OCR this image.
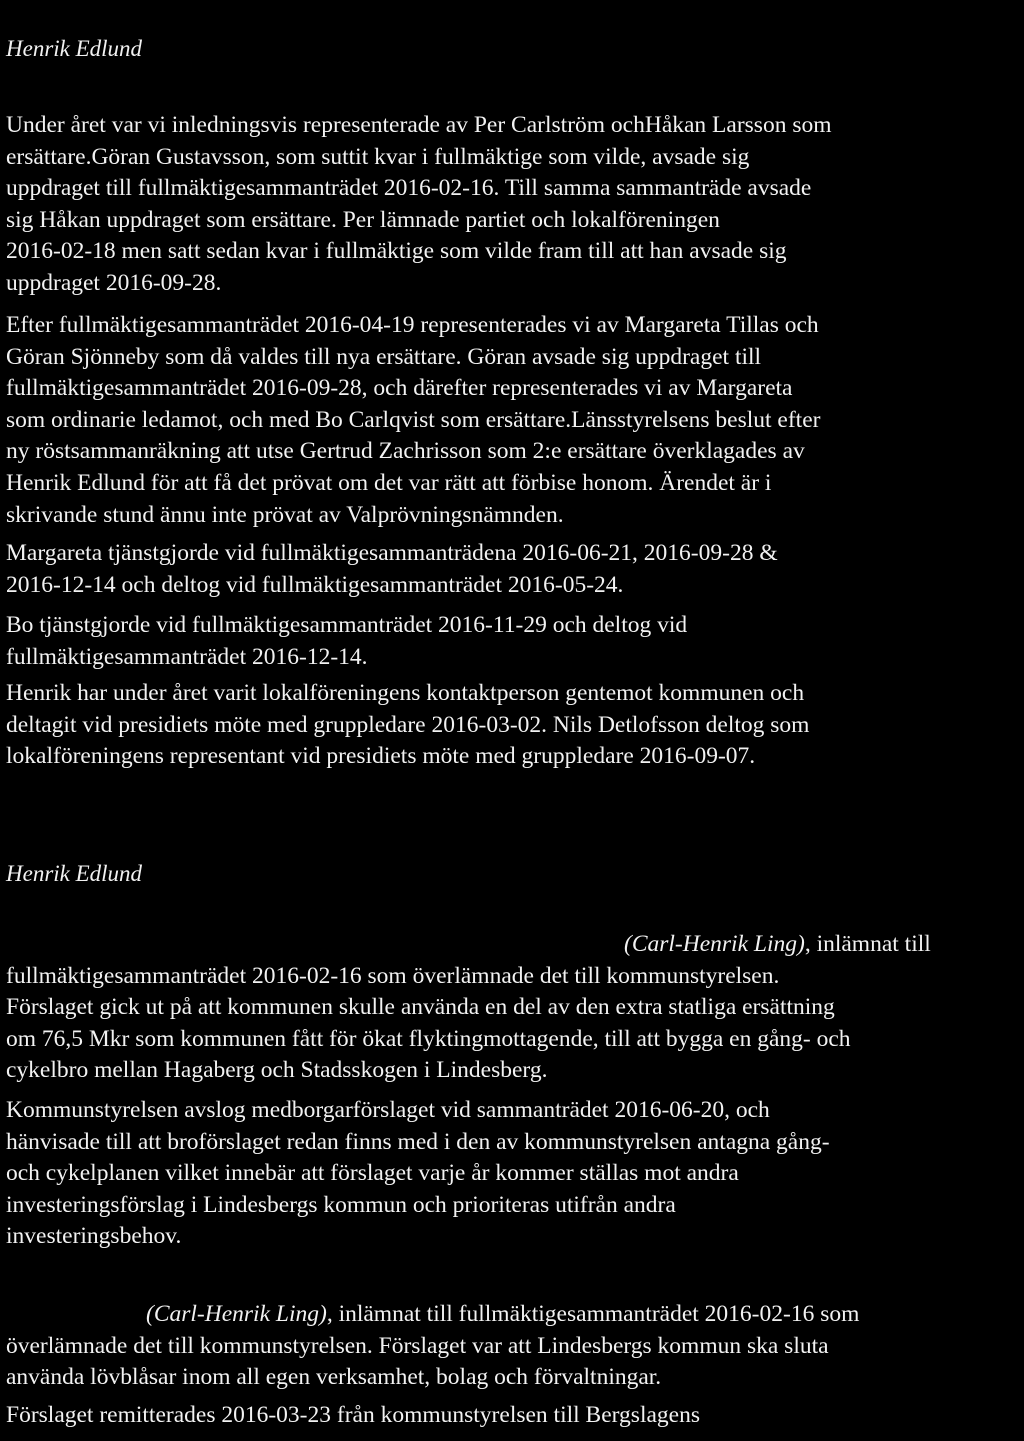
Henrik Edlund

Under året var vi inledningsvis representerade av Per Carlström ochHåkan Larsson som
ersättare.Göran Gustavsson, som suttit kvar i fullmäktige som vilde, avsade sig
uppdraget till fullmäktigesammanträdet 2016-02-16. Till samma sammanträde avsade
sig Håkan uppdraget som ersättare. Per lämnade partiet och lokalföreningen
2016-02-18 men satt sedan kvar i fullmäktige som vilde fram till att han avsade sig
uppdraget 2016-09-28.

Efter fullmäktigesammanträdet 2016-04-19 representerades vi av Margareta Tillas och
Göran Sjönneby som då valdes till nya ersättare. Göran avsade sig uppdraget till
fullmäktigesammanträdet 2016-09-28, och därefter representerades vi av Margareta
som ordinarie ledamot, och med Bo Carlqvist som ersättare.Länsstyrelsens beslut efter
ny röstsammanräkning att utse Gertrud Zachrisson som 2:e ersättare överklagades av
Henrik Edlund för att få det prövat om det var rätt att förbise honom. Ärendet är i
skrivande stund ännu inte prövat av Valprövningsnämnden.

Margareta tjänstgjorde vid fullmäktigesammanträdena 2016-06-21, 2016-09-28 &
2016-12-14 och deltog vid fullmäktigesammanträdet 2016-05-24.

Bo tjänstgjorde vid fullmäktigesammanträdet 2016-11-29 och deltog vid
fullmäktigesammanträdet 2016-12-14.

Henrik har under året varit lokalföreningens kontaktperson gentemot kommunen och
deltagit vid presidiets möte med gruppledare 2016-03-02. Nils Detlofsson deltog som
lokalföreningens representant vid presidiets möte med gruppledare 2016-09-07.

Henrik Edlund

(Carl-Henrik Ling), inlämnat till
fullmäktigesammanträdet 2016-02-16 som överlämnade det till kommunstyrelsen.
Förslaget gick ut på att kommunen skulle använda en del av den extra statliga ersättning
om 76,5 Mkr som kommunen fått för ökat flyktingmottagende, till att bygga en gång- och
cykelbro mellan Hagaberg och Stadsskogen i Lindesberg.

Kommunstyrelsen avslog medborgarförslaget vid sammanträdet 2016-06-20, och
hänvisade till att broförslaget redan finns med i den av kommunstyrelsen antagna gång-
och cykelplanen vilket innebär att förslaget varje år kommer ställas mot andra
investeringsförslag i Lindesbergs kommun och prioriteras utifrån andra
investeringsbehov.

(Carl-Henrik Ling), inlämnat till fullmäktigesammanträdet 2016-02-16 som
överlämnade det till kommunstyrelsen. Förslaget var att Lindesbergs kommun ska sluta
använda lövblåsar inom all egen verksamhet, bolag och förvaltningar.

Förslaget remitterades 2016-03-23 från kommunstyrelsen till Bergslagens
